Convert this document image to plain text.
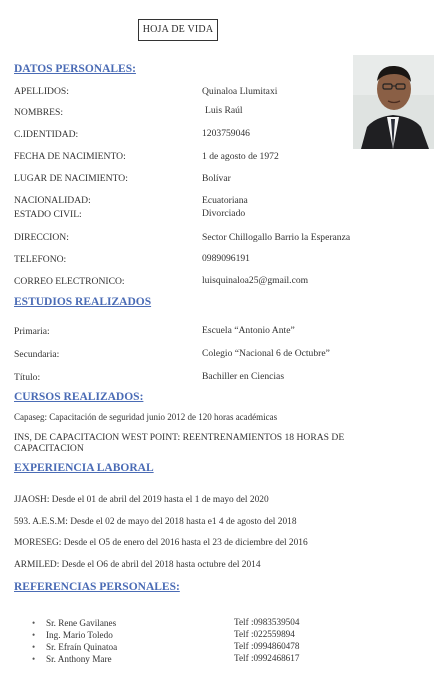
HOJA DE VIDA
DATOS PERSONALES:
APELLIDOS:	Quinaloa Llumitaxi
NOMBRES:	Luis Raúl
C.IDENTIDAD:	1203759046
FECHA DE NACIMIENTO:	1 de agosto de 1972
LUGAR DE NACIMIENTO:	Bolívar
NACIONALIDAD:	Ecuatoriana
ESTADO CIVIL:	Divorciado
DIRECCION:	Sector Chillogallo Barrio la Esperanza
TELEFONO:	0989096191
CORREO ELECTRONICO:	luisquinaloa25@gmail.com
ESTUDIOS REALIZADOS
Primaria:	Escuela “Antonio Ante”
Secundaria:	Colegio “Nacional 6 de Octubre”
Título:	Bachiller en Ciencias
CURSOS REALIZADOS:
Capaseg: Capacitación de seguridad junio 2012 de 120 horas académicas
INS, DE CAPACITACION WEST POINT: REENTRENAMIENTOS 18 HORAS DE
CAPACITACION
EXPERIENCIA LABORAL
JJAOSH: Desde el 01 de abril del 2019 hasta el 1 de mayo del 2020
593. A.E.S.M: Desde el 02 de mayo del 2018 hasta e1 4 de agosto del 2018
MORESEG: Desde el O5 de enero del 2016 hasta el 23 de diciembre del 2016
ARMILED: Desde el O6 de abril del 2018 hasta octubre del 2014
REFERENCIAS PERSONALES:
• Sr. Rene Gavilanes	Telf :0983539504
• Ing. Mario Toledo	Telf :022559894
• Sr. Efraín Quinatoa	Telf :0994860478
• Sr. Anthony Mare	Telf :0992468617
